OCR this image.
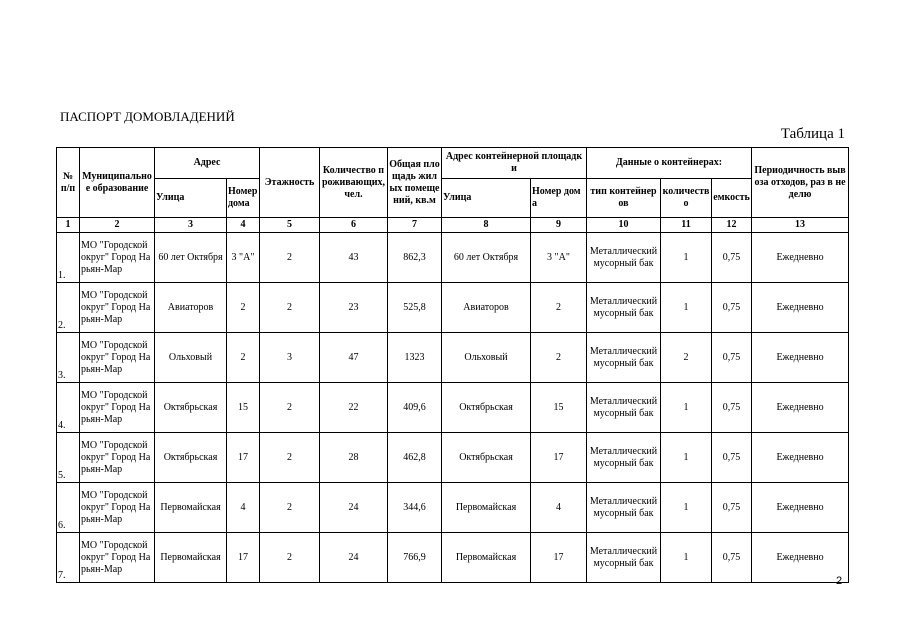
ПАСПОРТ ДОМОВЛАДЕНИЙ
Таблица 1
№ п/п	Муниципальное образование	Адрес		Этажность	Количество проживающих, чел.	Общая площадь жилых помещений, кв.м	Адрес контейнерной площадки		Данные о контейнерах:			Периодичность вывоза отходов, раз в неделю
		Улица	Номер дома				Улица	Номер дома	тип контейнеров	количество	емкость	
1	2	3	4	5	6	7	8	9	10	11	12	13
1.	МО "Городской округ" Город Нарьян-Мар	60 лет Октября	3 "А"	2	43	862,3	60 лет Октября	3 "А"	Металлический мусорный бак	1	0,75	Ежедневно
2.	МО "Городской округ" Город Нарьян-Мар	Авиаторов	2	2	23	525,8	Авиаторов	2	Металлический мусорный бак	1	0,75	Ежедневно
3.	МО "Городской округ" Город Нарьян-Мар	Ольховый	2	3	47	1323	Ольховый	2	Металлический мусорный бак	2	0,75	Ежедневно
4.	МО "Городской округ" Город Нарьян-Мар	Октябрьская	15	2	22	409,6	Октябрьская	15	Металлический мусорный бак	1	0,75	Ежедневно
5.	МО "Городской округ" Город Нарьян-Мар	Октябрьская	17	2	28	462,8	Октябрьская	17	Металлический мусорный бак	1	0,75	Ежедневно
6.	МО "Городской округ" Город Нарьян-Мар	Первомайская	4	2	24	344,6	Первомайская	4	Металлический мусорный бак	1	0,75	Ежедневно
7.	МО "Городской округ" Город Нарьян-Мар	Первомайская	17	2	24	766,9	Первомайская	17	Металлический мусорный бак	1	0,75	Ежедневно
2
